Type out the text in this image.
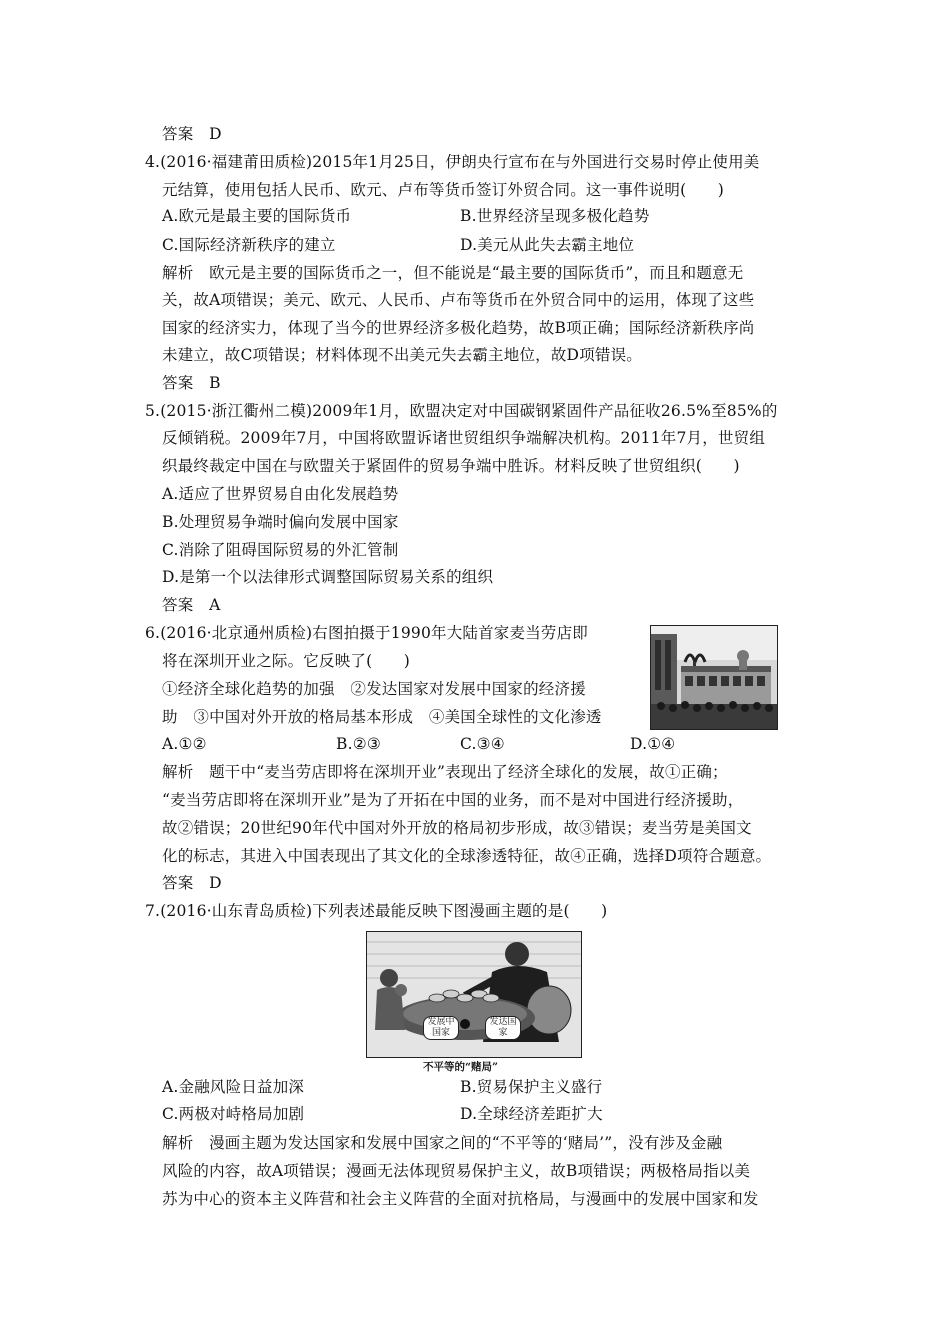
答案　D
4.(2016·福建莆田质检)2015年1月25日，伊朗央行宣布在与外国进行交易时停止使用美
元结算，使用包括人民币、欧元、卢布等货币签订外贸合同。这一事件说明(　　)
A.欧元是最主要的国际货币	B.世界经济呈现多极化趋势
C.国际经济新秩序的建立	D.美元从此失去霸主地位
解析　欧元是主要的国际货币之一，但不能说是“最主要的国际货币”，而且和题意无
关，故A项错误；美元、欧元、人民币、卢布等货币在外贸合同中的运用，体现了这些
国家的经济实力，体现了当今的世界经济多极化趋势，故B项正确；国际经济新秩序尚
未建立，故C项错误；材料体现不出美元失去霸主地位，故D项错误。
答案　B
5.(2015·浙江衢州二模)2009年1月，欧盟决定对中国碳钢紧固件产品征收26.5%至85%的
反倾销税。2009年7月，中国将欧盟诉诸世贸组织争端解决机构。2011年7月，世贸组
织最终裁定中国在与欧盟关于紧固件的贸易争端中胜诉。材料反映了世贸组织(　　)
A.适应了世界贸易自由化发展趋势
B.处理贸易争端时偏向发展中国家
C.消除了阻碍国际贸易的外汇管制
D.是第一个以法律形式调整国际贸易关系的组织
答案　A
6.(2016·北京通州质检)右图拍摄于1990年大陆首家麦当劳店即
将在深圳开业之际。它反映了(　　)
①经济全球化趋势的加强　②发达国家对发展中国家的经济援
助　③中国对外开放的格局基本形成　④美国全球性的文化渗透
A.①②	B.②③	C.③④	D.①④
解析　题干中“麦当劳店即将在深圳开业”表现出了经济全球化的发展，故①正确；
“麦当劳店即将在深圳开业”是为了开拓在中国的业务，而不是对中国进行经济援助，
故②错误；20世纪90年代中国对外开放的格局初步形成，故③错误；麦当劳是美国文
化的标志，其进入中国表现出了其文化的全球渗透特征，故④正确，选择D项符合题意。
答案　D
7.(2016·山东青岛质检)下列表述最能反映下图漫画主题的是(　　)
发展中国家
发达国家
不平等的“赌局”
A.金融风险日益加深	B.贸易保护主义盛行
C.两极对峙格局加剧	D.全球经济差距扩大
解析　漫画主题为发达国家和发展中国家之间的“不平等的‘赌局’”，没有涉及金融
风险的内容，故A项错误；漫画无法体现贸易保护主义，故B项错误；两极格局指以美
苏为中心的资本主义阵营和社会主义阵营的全面对抗格局，与漫画中的发展中国家和发
